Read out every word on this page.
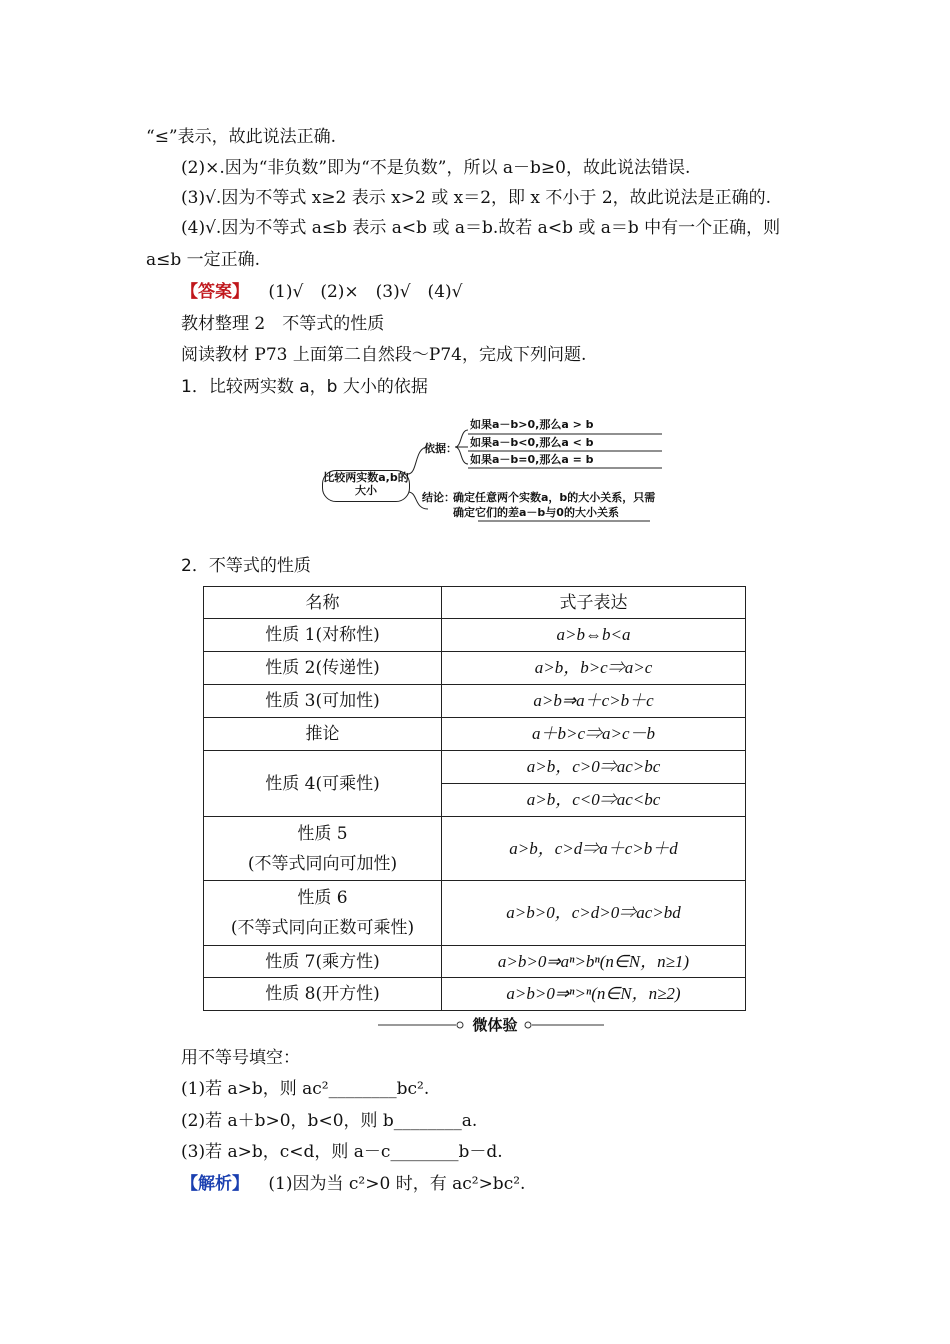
“≤”表示，故此说法正确.
(2)×.因为“非负数”即为“不是负数”，所以 a－b≥0，故此说法错误.
(3)√.因为不等式 x≥2 表示 x>2 或 x＝2，即 x 不小于 2，故此说法是正确的.
(4)√.因为不等式 a≤b 表示 a<b 或 a＝b.故若 a<b 或 a＝b 中有一个正确，则
a≤b 一定正确.
【答案】 (1)√　(2)×　(3)√　(4)√
教材整理 2　不等式的性质
阅读教材 P73 上面第二自然段～P74，完成下列问题.
1．比较两实数 a，b 大小的依据
比较两实数a,b的大小
依据：
如果a－b>0,那么a > b
如果a－b<0,那么a < b
如果a－b=0,那么a = b
结论：
确定任意两个实数a，b的大小关系，只需
确定它们的差a－b与0的大小关系
2．不等式的性质
名称	式子表达
性质 1(对称性)	a>b⇔b<a
性质 2(传递性)	a>b，b>c⇒a>c
性质 3(可加性)	a>b⇒a＋c>b＋c
推论	a＋b>c⇒a>c－b
性质 4(可乘性)	a>b，c>0⇒ac>bc
	a>b，c<0⇒ac<bc

性质 5
(不等式同向可加性)	a>b，c>d⇒a＋c>b＋d

性质 6
(不等式同向正数可乘性)	a>b>0，c>d>0⇒ac>bd
性质 7(乘方性)	a>b>0⇒aⁿ>bⁿ(n∈N，n≥1)
性质 8(开方性)	a>b>0⇒ⁿ>ⁿ(n∈N，n≥2)
微体验
用不等号填空：
(1)若 a>b，则 ac²________bc².
(2)若 a＋b>0，b<0，则 b________a.
(3)若 a>b，c<d，则 a－c________b－d.
【解析】 (1)因为当 c²>0 时，有 ac²>bc².
